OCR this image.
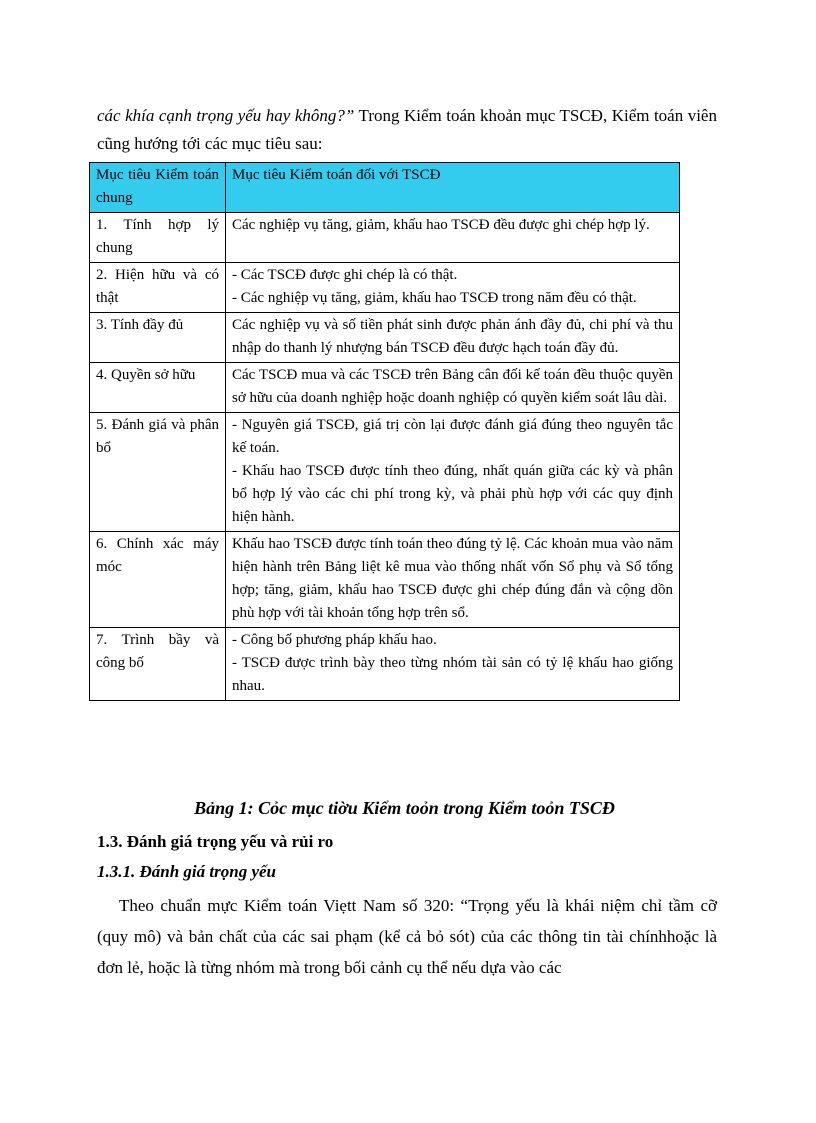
các khía cạnh trọng yếu hay không?” Trong Kiểm toán khoản mục TSCĐ, Kiểm toán viên cũng hướng tới các mục tiêu sau:

Mục tiêu Kiểm toán chung	Mục tiêu Kiểm toán đối với TSCĐ
1. Tính hợp lý chung	Các nghiệp vụ tăng, giảm, khấu hao TSCĐ đều được ghi chép hợp lý.

2. Hiện hữu và có thật	- Các TSCĐ được ghi chép là có thật.
- Các nghiệp vụ tăng, giảm, khấu hao TSCĐ trong năm đều có thật.

3. Tính đầy đủ	Các nghiệp vụ và số tiền phát sinh được phản ánh đầy đủ, chi phí và thu nhập do thanh lý nhượng bán TSCĐ đều được hạch toán đầy đủ.

4. Quyền sở hữu	Các TSCĐ mua và các TSCĐ trên Bảng cân đối kế toán đều thuộc quyền sở hữu của doanh nghiệp hoặc doanh nghiệp có quyền kiểm soát lâu dài.

5. Đánh giá và phân bổ	- Nguyên giá TSCĐ, giá trị còn lại được đánh giá đúng theo nguyên tắc kế toán.
- Khấu hao TSCĐ được tính theo đúng, nhất quán giữa các kỳ và phân bổ hợp lý vào các chi phí trong kỳ, và phải phù hợp với các quy định hiện hành.

6. Chính xác máy móc	Khấu hao TSCĐ được tính toán theo đúng tỷ lệ. Các khoản mua vào năm hiện hành trên Bảng liệt kê mua vào thống nhất vốn Sổ phụ và Sổ tổng hợp; tăng, giảm, khấu hao TSCĐ được ghi chép đúng đắn và cộng dồn phù hợp với tài khoản tổng hợp trên sổ.

7. Trình bầy và công bố	- Công bố phương pháp khấu hao.
- TSCĐ được trình bày theo từng nhóm tài sản có tỷ lệ khấu hao giống nhau.
Bảng 1: Cỏc mục tiờu Kiểm toỏn trong Kiểm toỏn TSCĐ
1.3. Đánh giá trọng yếu và rủi ro
1.3.1. Đánh giá trọng yếu

Theo chuẩn mực Kiểm toán Viẹtt Nam số 320: “Trọng yếu là khái niệm chỉ tầm cỡ (quy mô) và bản chất của các sai phạm (kể cả bỏ sót) của các thông tin tài chínhhoặc là đơn lẻ, hoặc là từng nhóm mà trong bối cảnh cụ thể nếu dựa vào các
